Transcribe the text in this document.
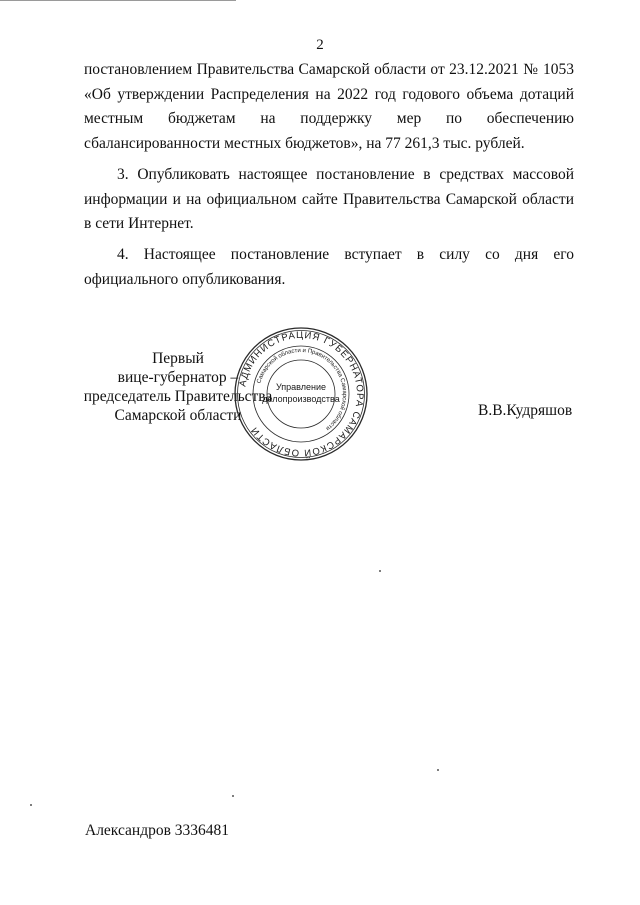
2

постановлением Правительства Самарской области от 23.12.2021 № 1053 «Об утверждении Распределения на 2022 год годового объема дотаций местным бюджетам на поддержку мер по обеспечению сбалансированности местных бюджетов», на 77 261,3 тыс. рублей.

3. Опубликовать настоящее постановление в средствах массовой информации и на официальном сайте Правительства Самарской области в сети Интернет.

4. Настоящее постановление вступает в силу со дня его официального опубликования.

Первый
вице-губернатор –
председатель Правительства
Самарской области
АДМИНИСТРАЦИЯ ГУБЕРНАТОРА САМАРСКОЙ ОБЛАСТИ
Самарской области и Правительства Самарской области
Управление
делопроизводства
В.В.Кудряшов
Александров 3336481
